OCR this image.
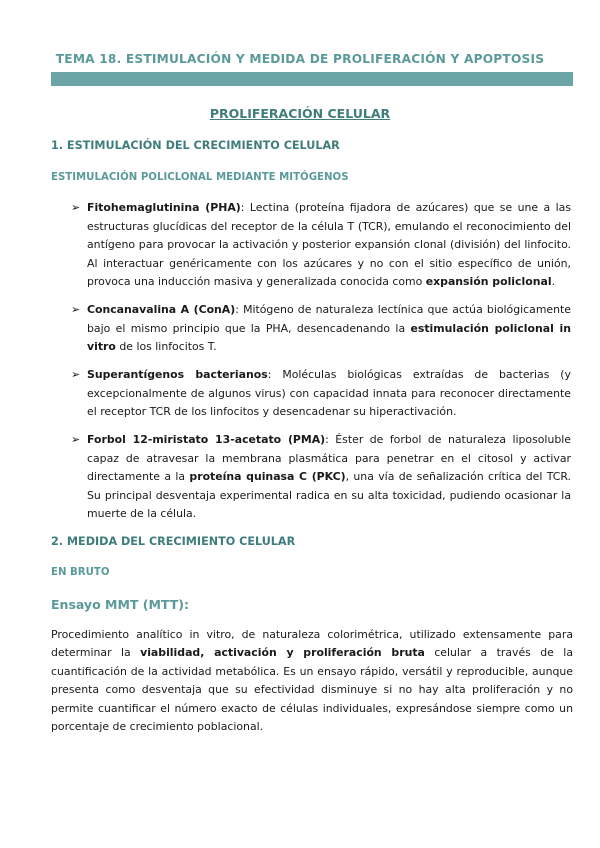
TEMA 18. ESTIMULACIÓN Y MEDIDA DE PROLIFERACIÓN Y APOPTOSIS
PROLIFERACIÓN CELULAR
1. ESTIMULACIÓN DEL CRECIMIENTO CELULAR
ESTIMULACIÓN POLICLONAL MEDIANTE MITÓGENOS
➢ Fitohemaglutinina (PHA): Lectina (proteína fijadora de azúcares) que se une a las estructuras glucídicas del receptor de la célula T (TCR), emulando el reconocimiento del antígeno para provocar la activación y posterior expansión clonal (división) del linfocito. Al interactuar genéricamente con los azúcares y no con el sitio específico de unión, provoca una inducción masiva y generalizada conocida como expansión policlonal.
➢ Concanavalina A (ConA): Mitógeno de naturaleza lectínica que actúa biológicamente bajo el mismo principio que la PHA, desencadenando la estimulación policlonal in vitro de los linfocitos T.
➢ Superantígenos bacterianos: Moléculas biológicas extraídas de bacterias (y excepcionalmente de algunos virus) con capacidad innata para reconocer directamente el receptor TCR de los linfocitos y desencadenar su hiperactivación.
➢ Forbol 12-miristato 13-acetato (PMA): Éster de forbol de naturaleza liposoluble capaz de atravesar la membrana plasmática para penetrar en el citosol y activar directamente a la proteína quinasa C (PKC), una vía de señalización crítica del TCR. Su principal desventaja experimental radica en su alta toxicidad, pudiendo ocasionar la muerte de la célula.
2. MEDIDA DEL CRECIMIENTO CELULAR
EN BRUTO
Ensayo MMT (MTT):
Procedimiento analítico in vitro, de naturaleza colorimétrica, utilizado extensamente para determinar la viabilidad, activación y proliferación bruta celular a través de la cuantificación de la actividad metabólica. Es un ensayo rápido, versátil y reproducible, aunque presenta como desventaja que su efectividad disminuye si no hay alta proliferación y no permite cuantificar el número exacto de células individuales, expresándose siempre como un porcentaje de crecimiento poblacional.
